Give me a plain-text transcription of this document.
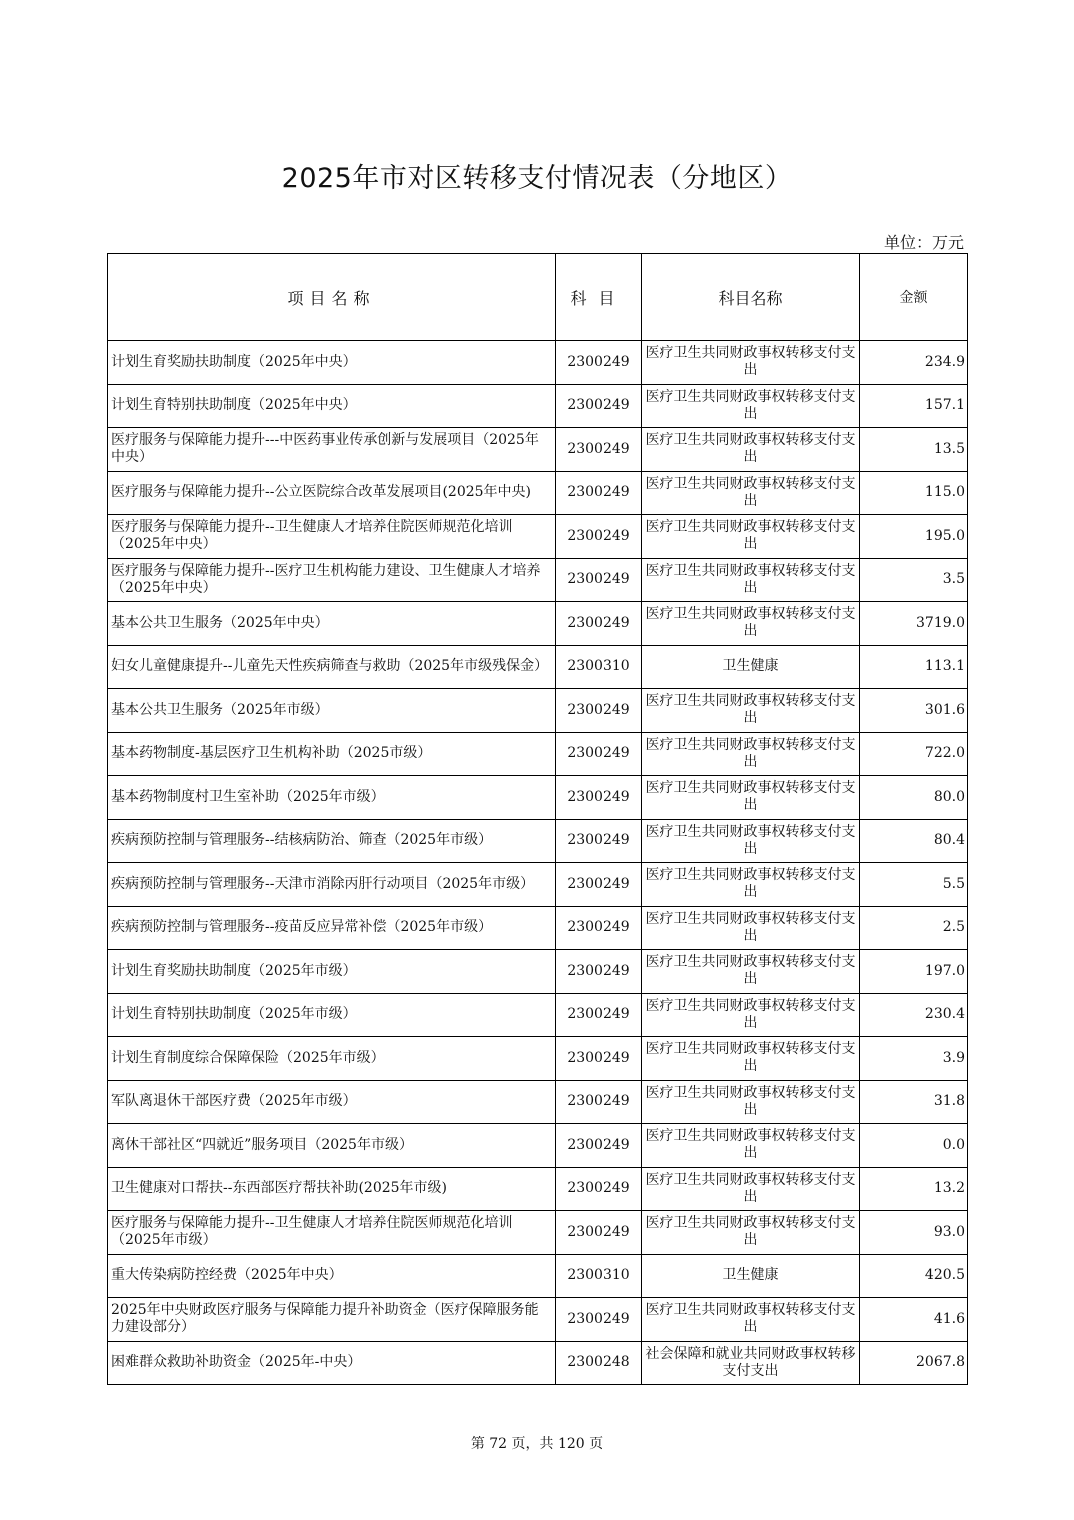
2025年市对区转移支付情况表（分地区）
单位：万元
项目名称	科目	科目名称	金额
计划生育奖励扶助制度（2025年中央）	2300249	医疗卫生共同财政事权转移支付支出	234.9
计划生育特别扶助制度（2025年中央）	2300249	医疗卫生共同财政事权转移支付支出	157.1
医疗服务与保障能力提升---中医药事业传承创新与发展项目（2025年中央）	2300249	医疗卫生共同财政事权转移支付支出	13.5
医疗服务与保障能力提升--公立医院综合改革发展项目(2025年中央)	2300249	医疗卫生共同财政事权转移支付支出	115.0
医疗服务与保障能力提升--卫生健康人才培养住院医师规范化培训（2025年中央）	2300249	医疗卫生共同财政事权转移支付支出	195.0
医疗服务与保障能力提升--医疗卫生机构能力建设、卫生健康人才培养（2025年中央）	2300249	医疗卫生共同财政事权转移支付支出	3.5
基本公共卫生服务（2025年中央）	2300249	医疗卫生共同财政事权转移支付支出	3719.0
妇女儿童健康提升--儿童先天性疾病筛查与救助（2025年市级残保金）	2300310	卫生健康	113.1
基本公共卫生服务（2025年市级）	2300249	医疗卫生共同财政事权转移支付支出	301.6
基本药物制度-基层医疗卫生机构补助（2025市级）	2300249	医疗卫生共同财政事权转移支付支出	722.0
基本药物制度村卫生室补助（2025年市级）	2300249	医疗卫生共同财政事权转移支付支出	80.0
疾病预防控制与管理服务--结核病防治、筛查（2025年市级）	2300249	医疗卫生共同财政事权转移支付支出	80.4
疾病预防控制与管理服务--天津市消除丙肝行动项目（2025年市级）	2300249	医疗卫生共同财政事权转移支付支出	5.5
疾病预防控制与管理服务--疫苗反应异常补偿（2025年市级）	2300249	医疗卫生共同财政事权转移支付支出	2.5
计划生育奖励扶助制度（2025年市级）	2300249	医疗卫生共同财政事权转移支付支出	197.0
计划生育特别扶助制度（2025年市级）	2300249	医疗卫生共同财政事权转移支付支出	230.4
计划生育制度综合保障保险（2025年市级）	2300249	医疗卫生共同财政事权转移支付支出	3.9
军队离退休干部医疗费（2025年市级）	2300249	医疗卫生共同财政事权转移支付支出	31.8
离休干部社区“四就近”服务项目（2025年市级）	2300249	医疗卫生共同财政事权转移支付支出	0.0
卫生健康对口帮扶--东西部医疗帮扶补助(2025年市级)	2300249	医疗卫生共同财政事权转移支付支出	13.2
医疗服务与保障能力提升--卫生健康人才培养住院医师规范化培训（2025年市级）	2300249	医疗卫生共同财政事权转移支付支出	93.0
重大传染病防控经费（2025年中央）	2300310	卫生健康	420.5
2025年中央财政医疗服务与保障能力提升补助资金（医疗保障服务能力建设部分）	2300249	医疗卫生共同财政事权转移支付支出	41.6
困难群众救助补助资金（2025年-中央）	2300248	社会保障和就业共同财政事权转移支付支出	2067.8
第 72 页，共 120 页
